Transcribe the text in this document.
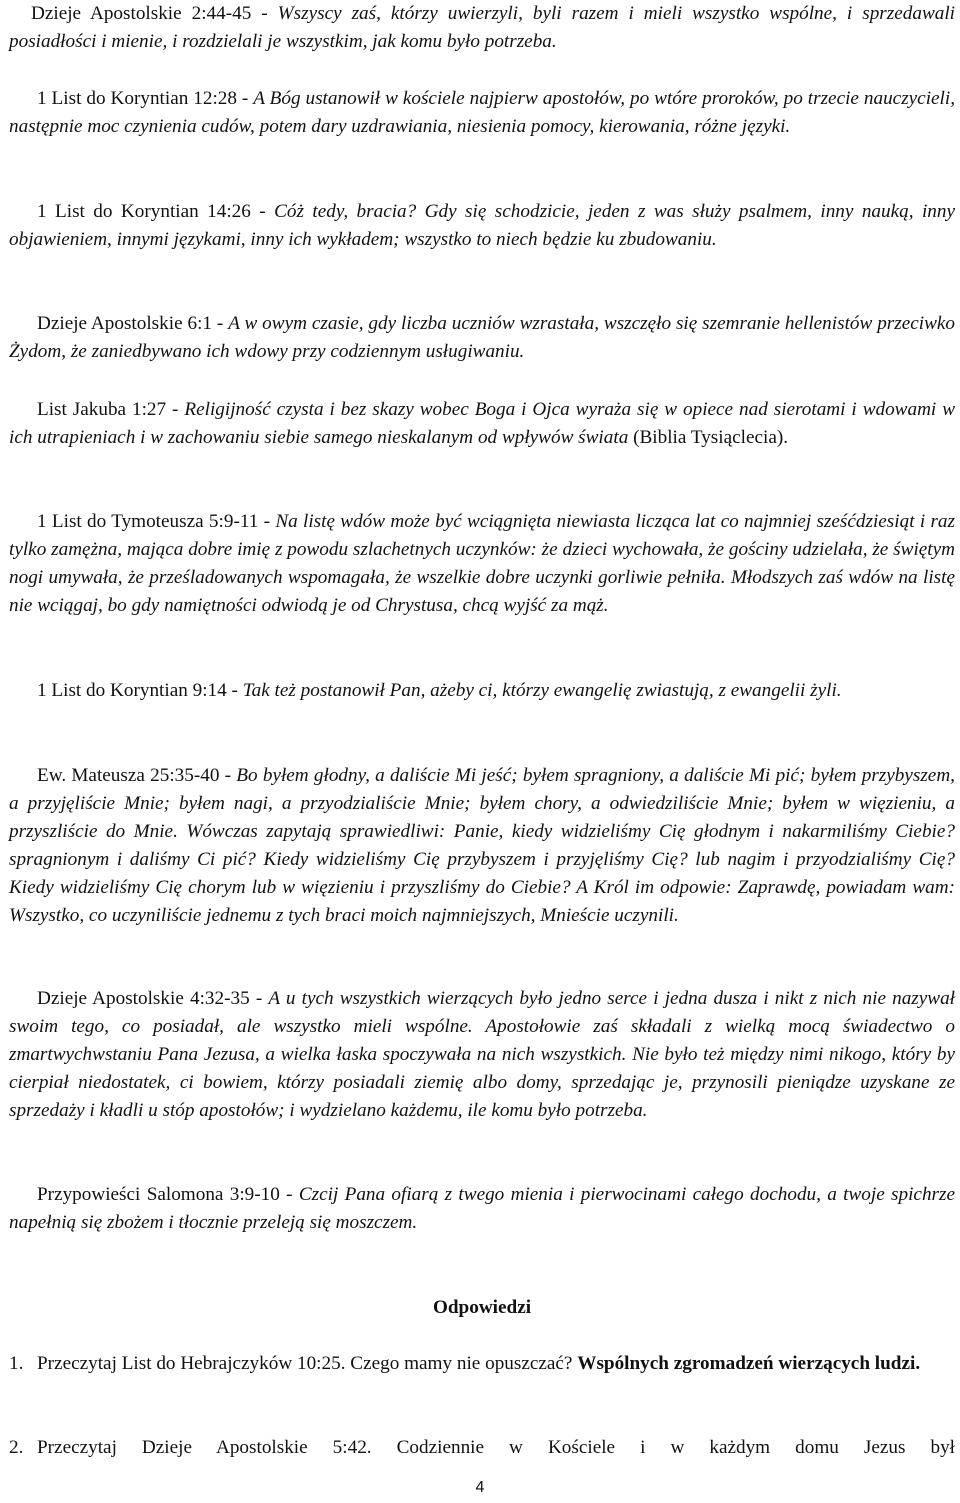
Dzieje Apostolskie 2:44-45 - Wszyscy zaś, którzy uwierzyli, byli razem i mieli wszystko wspólne, i sprzedawali posiadłości i mienie, i rozdzielali je wszystkim, jak komu było potrzeba.

1 List do Koryntian 12:28 - A Bóg ustanowił w kościele najpierw apostołów, po wtóre proroków, po trzecie nauczycieli, następnie moc czynienia cudów, potem dary uzdrawiania, niesienia pomocy, kierowania, różne języki.

1 List do Koryntian 14:26 - Cóż tedy, bracia? Gdy się schodzicie, jeden z was służy psalmem, inny nauką, inny objawieniem, innymi językami, inny ich wykładem; wszystko to niech będzie ku zbudowaniu.

Dzieje Apostolskie 6:1 - A w owym czasie, gdy liczba uczniów wzrastała, wszczęło się szemranie hellenistów przeciwko Żydom, że zaniedbywano ich wdowy przy codziennym usługiwaniu.

List Jakuba 1:27 - Religijność czysta i bez skazy wobec Boga i Ojca wyraża się w opiece nad sierotami i wdowami w ich utrapieniach i w zachowaniu siebie samego nieskalanym od wpływów świata (Biblia Tysiąclecia).

1 List do Tymoteusza 5:9-11 - Na listę wdów może być wciągnięta niewiasta licząca lat co najmniej sześćdziesiąt i raz tylko zamężna, mająca dobre imię z powodu szlachetnych uczynków: że dzieci wychowała, że gościny udzielała, że świętym nogi umywała, że prześladowanych wspomagała, że wszelkie dobre uczynki gorliwie pełniła. Młodszych zaś wdów na listę nie wciągaj, bo gdy namiętności odwiodą je od Chrystusa, chcą wyjść za mąż.

1 List do Koryntian 9:14 - Tak też postanowił Pan, ażeby ci, którzy ewangelię zwiastują, z ewangelii żyli.

Ew. Mateusza 25:35-40 - Bo byłem głodny, a daliście Mi jeść; byłem spragniony, a daliście Mi pić; byłem przybyszem, a przyjęliście Mnie; byłem nagi, a przyodzialiście Mnie; byłem chory, a odwiedziliście Mnie; byłem w więzieniu, a przyszliście do Mnie. Wówczas zapytają sprawiedliwi: Panie, kiedy widzieliśmy Cię głodnym i nakarmiliśmy Ciebie? spragnionym i daliśmy Ci pić? Kiedy widzieliśmy Cię przybyszem i przyjęliśmy Cię? lub nagim i przyodzialiśmy Cię? Kiedy widzieliśmy Cię chorym lub w więzieniu i przyszliśmy do Ciebie? A Król im odpowie: Zaprawdę, powiadam wam: Wszystko, co uczyniliście jednemu z tych braci moich najmniejszych, Mnieście uczynili.

Dzieje Apostolskie 4:32-35 - A u tych wszystkich wierzących było jedno serce i jedna dusza i nikt z nich nie nazywał swoim tego, co posiadał, ale wszystko mieli wspólne. Apostołowie zaś składali z wielką mocą świadectwo o zmartwychwstaniu Pana Jezusa, a wielka łaska spoczywała na nich wszystkich. Nie było też między nimi nikogo, który by cierpiał niedostatek, ci bowiem, którzy posiadali ziemię albo domy, sprzedając je, przynosili pieniądze uzyskane ze sprzedaży i kładli u stóp apostołów; i wydzielano każdemu, ile komu było potrzeba.

Przypowieści Salomona 3:9-10 - Czcij Pana ofiarą z twego mienia i pierwocinami całego dochodu, a twoje spichrze napełnią się zbożem i tłocznie przeleją się moszczem.

Odpowiedzi

1. Przeczytaj List do Hebrajczyków 10:25. Czego mamy nie opuszczać? Wspólnych zgromadzeń wierzących ludzi.
2. Przeczytaj Dzieje Apostolskie 5:42. Codziennie w Kościele i w każdym domu Jezus był
4
